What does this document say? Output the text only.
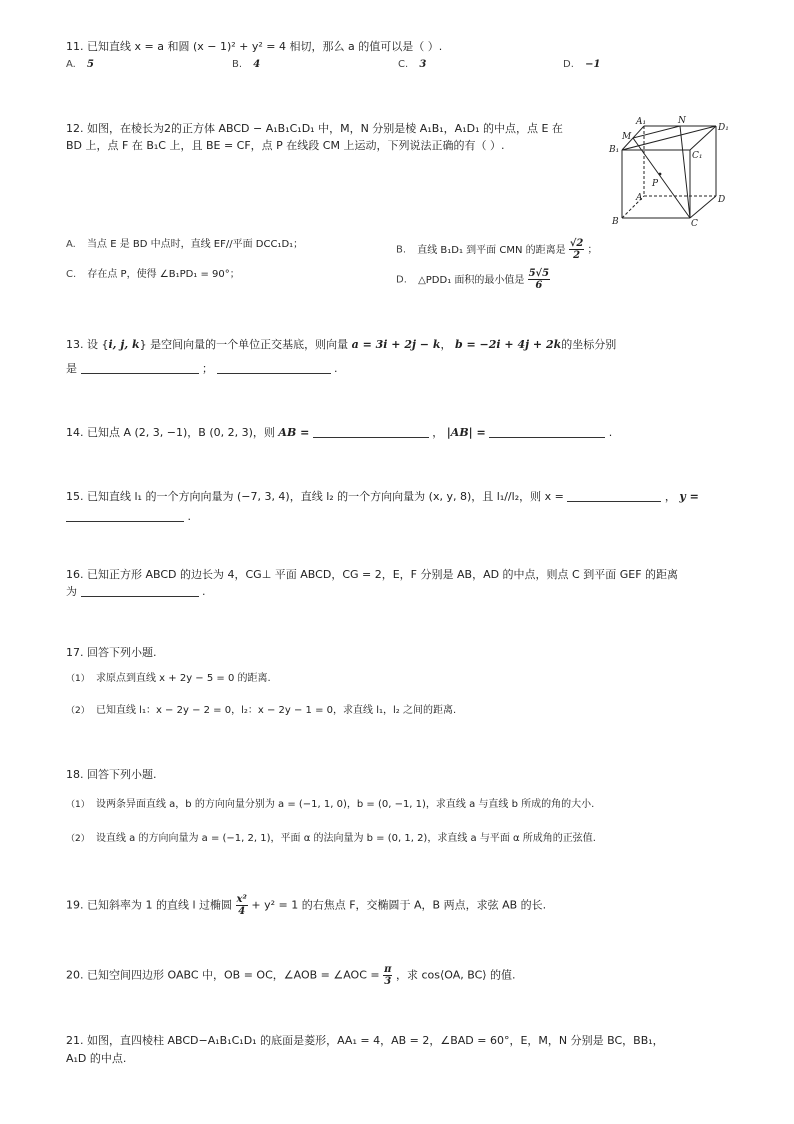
11. 已知直线 x = a 和圆 (x − 1)² + y² = 4 相切，那么 a 的值可以是（ ）.
A. 5	B. 4	C. 3	D. −1
12. 如图，在棱长为2的正方体 ABCD − A₁B₁C₁D₁ 中，M，N 分别是棱 A₁B₁，A₁D₁ 的中点，点 E 在
BD 上，点 F 在 B₁C 上，且 BE = CF，点 P 在线段 CM 上运动，下列说法正确的有（ ）.
A₁	N
D₁
M
B₁
C₁
P
A	D
B	C
A. 当点 E 是 BD 中点时，直线 EF//平面 DCC₁D₁；	B. 直线 B₁D₁ 到平面 CMN 的距离是 $\frac{√2}{2}$ ；
C. 存在点 P，使得 ∠B₁PD₁ = 90°；	D. △PDD₁ 面积的最小值是 $\frac{5√5}{6}$
13. 设 {i, j, k} 是空间向量的一个单位正交基底，则向量 a = 3i + 2j − k， b = −2i + 4j + 2k的坐标分别
是	；	.
14. 已知点 A (2, 3, −1)，B (0, 2, 3)，则 AB =	， |AB| =	.
15. 已知直线 l₁ 的一个方向向量为 (−7, 3, 4)，直线 l₂ 的一个方向向量为 (x, y, 8)，且 l₁//l₂，则 x =	， y =
.
16. 已知正方形 ABCD 的边长为 4，CG⊥ 平面 ABCD，CG = 2，E，F 分别是 AB，AD 的中点，则点 C 到平面 GEF 的距离
为	.
17. 回答下列小题.
（1） 求原点到直线 x + 2y − 5 = 0 的距离.
（2） 已知直线 l₁：x − 2y − 2 = 0，l₂：x − 2y − 1 = 0，求直线 l₁，l₂ 之间的距离.
18. 回答下列小题.
（1） 设两条异面直线 a，b 的方向向量分别为 a = (−1, 1, 0)，b = (0, −1, 1)，求直线 a 与直线 b 所成的角的大小.
（2） 设直线 a 的方向向量为 a = (−1, 2, 1)，平面 α 的法向量为 b = (0, 1, 2)，求直线 a 与平面 α 所成角的正弦值.
19. 已知斜率为 1 的直线 l 过椭圆 $\frac{\text{x²}}{4} + y^2 = 1$ 的右焦点 F，交椭圆于 A，B 两点，求弦 AB 的长.
20. 已知空间四边形 OABC 中，OB = OC，∠AOB = ∠AOC = $\frac{\pi}{3}$ ，求 cos⟨OA, BC⟩ 的值.
21. 如图，直四棱柱 ABCD−A₁B₁C₁D₁ 的底面是菱形，AA₁ = 4，AB = 2，∠BAD = 60°，E，M，N 分别是 BC，BB₁，
A₁D 的中点.
